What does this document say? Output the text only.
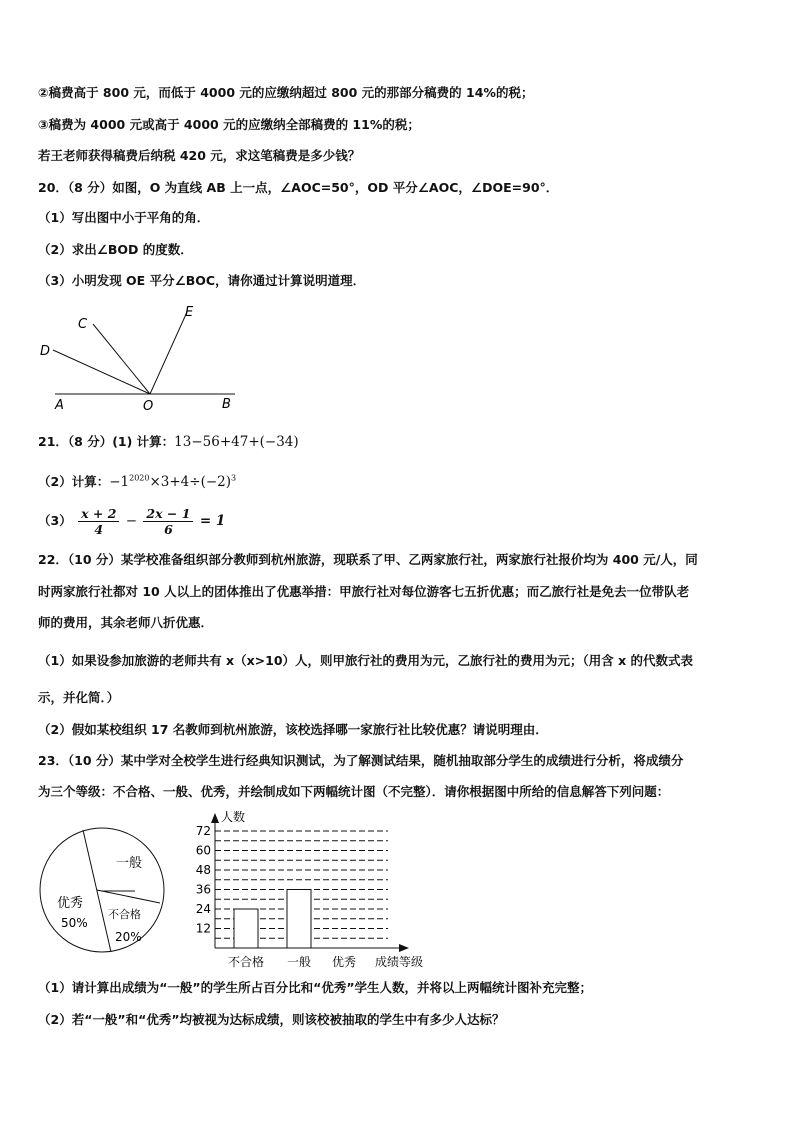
②稿费高于 800 元，而低于 4000 元的应缴纳超过 800 元的那部分稿费的 14%的税；
③稿费为 4000 元或高于 4000 元的应缴纳全部稿费的 11%的税；
若王老师获得稿费后纳税 420 元，求这笔稿费是多少钱？
20．（8 分）如图，O 为直线 AB 上一点，∠AOC=50°，OD 平分∠AOC，∠DOE=90°．
（1）写出图中小于平角的角．
（2）求出∠BOD 的度数．
（3）小明发现 OE 平分∠BOC，请你通过计算说明道理．
C
E
D
A	O	B
21．（8 分）(1) 计算：13−56+47+(−34)
（2）计算：$-1^{2020}\times 3+4\div(-2)^3$
$(3) \frac{x + 2}{4} - \frac{2x - 1}{6} = 1$
22．（10 分）某学校准备组织部分教师到杭州旅游，现联系了甲、乙两家旅行社，两家旅行社报价均为 400 元/人，同
时两家旅行社都对 10 人以上的团体推出了优惠举措：甲旅行社对每位游客七五折优惠；而乙旅行社是免去一位带队老
师的费用，其余老师八折优惠．
（1）如果设参加旅游的老师共有 x（x>10）人，则甲旅行社的费用为元，乙旅行社的费用为元；（用含 x 的代数式表
示，并化简．）
（2）假如某校组织 17 名教师到杭州旅游，该校选择哪一家旅行社比较优惠？请说明理由．
23．（10 分）某中学对全校学生进行经典知识测试，为了解测试结果，随机抽取部分学生的成绩进行分析，将成绩分
为三个等级：不合格、一般、优秀，并绘制成如下两幅统计图（不完整）．请你根据图中所给的信息解答下列问题：
一般
优秀
50%
不合格
20%
人数
成绩等级
12
24
36
48
60
72
不合格 一般 优秀
（1）请计算出成绩为“一般”的学生所占百分比和“优秀”学生人数，并将以上两幅统计图补充完整；
（2）若“一般”和“优秀”均被视为达标成绩，则该校被抽取的学生中有多少人达标？
